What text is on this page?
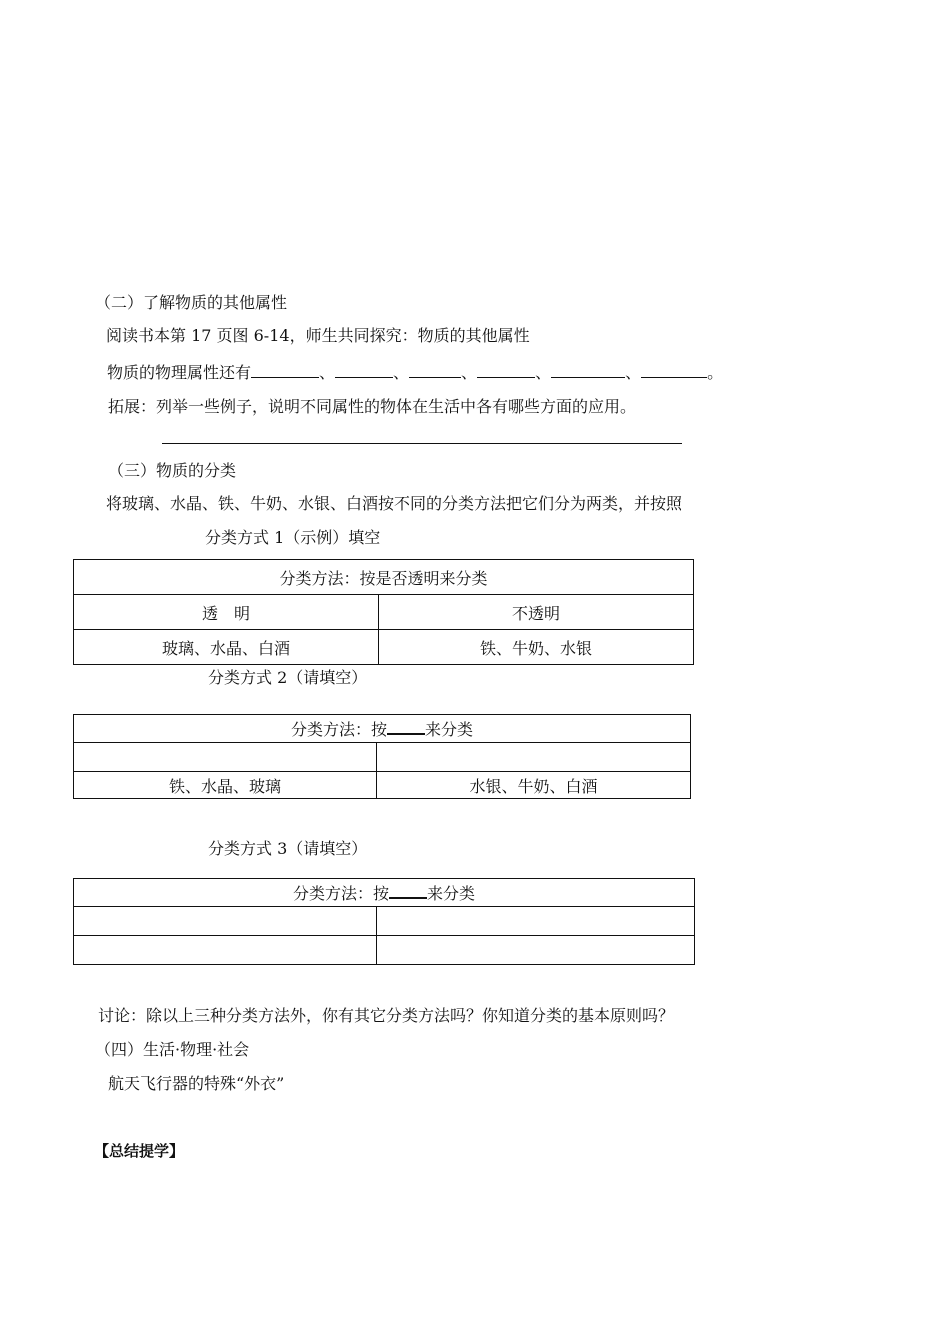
（二）了解物质的其他属性
阅读书本第 17 页图 6-14，师生共同探究：物质的其他属性
物质的物理属性还有	、	、	、	、	、	。
拓展：列举一些例子，说明不同属性的物体在生活中各有哪些方面的应用。
（三）物质的分类
将玻璃、水晶、铁、牛奶、水银、白酒按不同的分类方法把它们分为两类，并按照
分类方式 1（示例）填空
分类方法：按是否透明来分类	
透　明	不透明
玻璃、水晶、白酒	铁、牛奶、水银
分类方式 2（请填空）
分类方法：按 来分类	

铁、水晶、玻璃	水银、牛奶、白酒
分类方式 3（请填空）
分类方法：按 来分类	

讨论：除以上三种分类方法外，你有其它分类方法吗？你知道分类的基本原则吗？
（四）生活·物理·社会
航天飞行器的特殊“外衣”
【总结提学】
